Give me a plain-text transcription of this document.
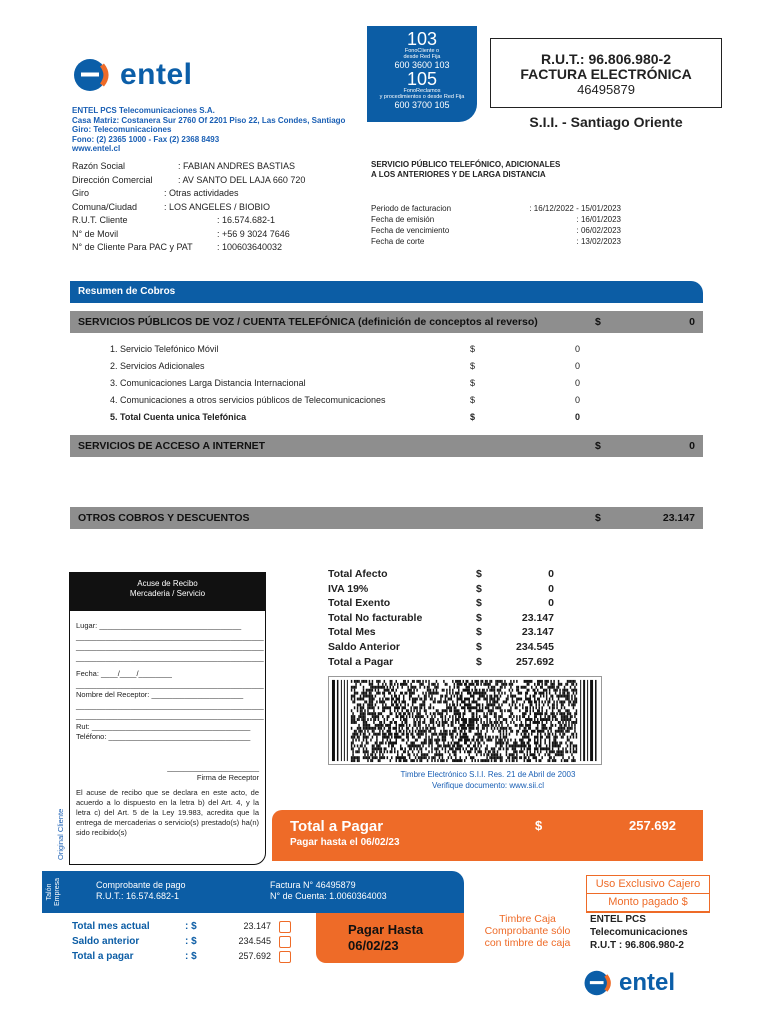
entel
ENTEL PCS Telecomunicaciones S.A.
Casa Matriz: Costanera Sur 2760 Of 2201 Piso 22, Las Condes, Santiago
Giro: Telecomunicaciones
Fono: (2) 2365 1000 - Fax (2) 2368 8493
www.entel.cl
103
FonoCliente o
desde Red Fija
600 3600 103
105
FonoReclamos
y procedimientos o desde Red Fija
600 3700 105
R.U.T.: 96.806.980-2
FACTURA ELECTRÓNICA
46495879
S.I.I. - Santiago Oriente
Razón Social	: FABIAN ANDRES BASTIAS
Dirección Comercial	: AV SANTO DEL LAJA 660 720
Giro	: Otras actividades
Comuna/Ciudad	: LOS ANGELES / BIOBIO
R.U.T. Cliente	: 16.574.682-1
N° de Movil	: +56 9 3024 7646
N° de Cliente Para PAC y PAT	: 100603640032
SERVICIO PÚBLICO TELEFÓNICO, ADICIONALES
A LOS ANTERIORES Y DE LARGA DISTANCIA
Periodo de facturacion	: 16/12/2022 - 15/01/2023
Fecha de emisión	: 16/01/2023
Fecha de vencimiento	: 06/02/2023
Fecha de corte	: 13/02/2023
Resumen de Cobros
SERVICIOS PÚBLICOS DE VOZ / CUENTA TELEFÓNICA (definición de conceptos al reverso)	$	0
1. Servicio Telefónico Móvil	$	0
2. Servicios Adicionales	$	0
3. Comunicaciones Larga Distancia Internacional	$	0
4. Comunicaciones a otros servicios públicos de Telecomunicaciones	$	0
5. Total Cuenta unica Telefónica	$	0
SERVICIOS DE ACCESO A INTERNET	$	0
OTROS COBROS Y DESCUENTOS	$	23.147
Acuse de Recibo
Mercaderia / Servicio
Lugar: __________________________________
_____________________________________________
_____________________________________________
_____________________________________________
Fecha: ____/____/________
_____________________________________________
Nombre del Receptor: ______________________
_____________________________________________
_____________________________________________
Rut: ______________________________________
Teléfono: __________________________________
______________________
Firma de Receptor
El acuse de recibo que se declara en este acto, de acuerdo a lo dispuesto en la letra b) del Art. 4, y la letra c) del Art. 5 de la Ley 19.983, acredita que la entrega de mercaderias o servicio(s) prestado(s) ha(n) sido recibido(s)
Original Cliente
Total Afecto	$	0
IVA 19%	$	0
Total Exento	$	0
Total No facturable	$	23.147
Total Mes	$	23.147
Saldo Anterior	$	234.545
Total a Pagar	$	257.692
Timbre Electrónico S.I.I. Res. 21 de Abril de 2003
Verifique documento: www.sii.cl
Total a Pagar
Pagar hasta el 06/02/23
$	257.692
Talón Empresa	Comprobante de pago
R.U.T.: 16.574.682-1
Factura N° 46495879
N° de Cuenta: 1.0060364003
Total mes actual	: $	23.147
Saldo anterior	: $	234.545
Total a pagar	: $	257.692
Pagar Hasta
06/02/23
Timbre Caja
Comprobante sólo
con timbre de caja
Uso Exclusivo Cajero
Monto pagado $
ENTEL PCS
Telecomunicaciones
R.U.T : 96.806.980-2
entel
